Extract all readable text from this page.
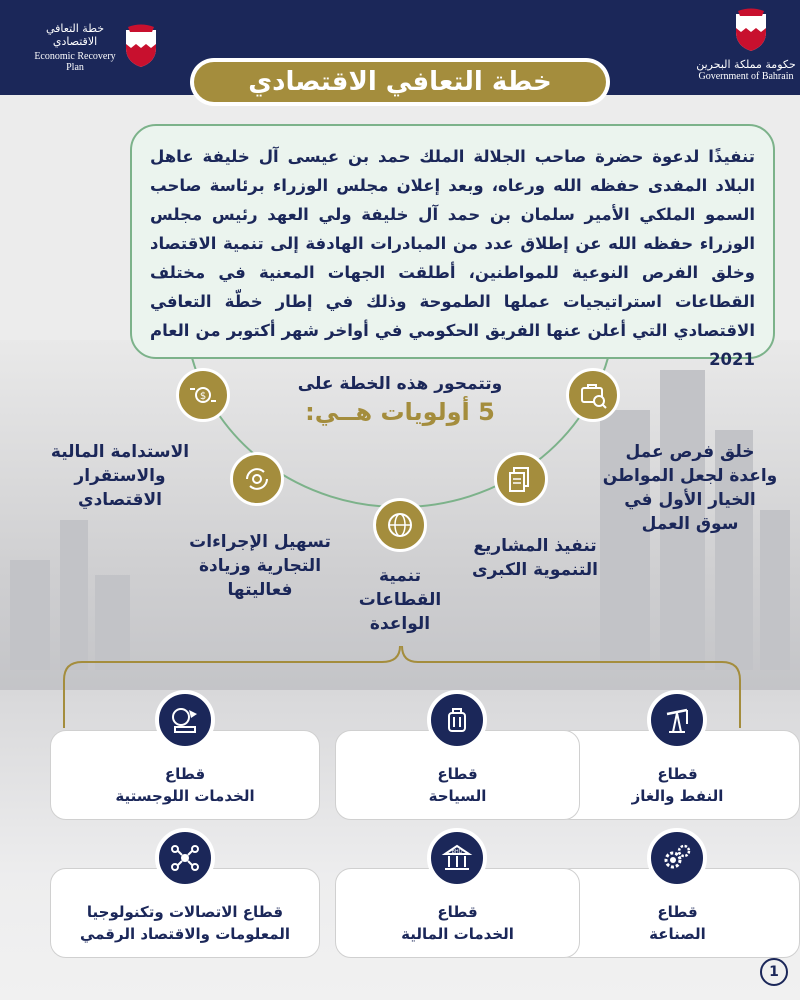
خطة التعافي الاقتصادي
Economic Recovery Plan	حكومة مملكة البحرين
Government of Bahrain
خطة التعافي الاقتصادي
تنفيذًا لدعوة حضرة صاحب الجلالة الملك حمد بن عيسى آل خليفة عاهل البلاد المفدى حفظه الله ورعاه، وبعد إعلان مجلس الوزراء برئاسة صاحب السمو الملكي الأمير سلمان بن حمد آل خليفة ولي العهد رئيس مجلس الوزراء حفظه الله عن إطلاق عدد من المبادرات الهادفة إلى تنمية الاقتصاد وخلق الفرص النوعية للمواطنين، أطلقت الجهات المعنية في مختلف القطاعات استراتيجيات عملها الطموحة وذلك في إطار خطّة التعافي الاقتصادي التي أعلن عنها الفريق الحكومي في أواخر شهر أكتوبر من العام 2021
وتتمحور هذه الخطة على
5 أولويات هــي:
$
خلق فرص عمل واعدة لجعل المواطن الخيار الأول في سوق العمل
تنفيذ المشاريع التنموية الكبرى
تنمية القطاعات الواعدة
تسهيل الإجراءات التجارية وزيادة فعاليتها
الاستدامة المالية والاستقرار الاقتصادي
قطاع
النفط والغاز
قطاع
السياحة
قطاع
الخدمات اللوجستية
قطاع
الصناعة
قطاع
الخدمات المالية
BHD
قطاع الاتصالات وتكنولوجيا
المعلومات والاقتصاد الرقمي
1
